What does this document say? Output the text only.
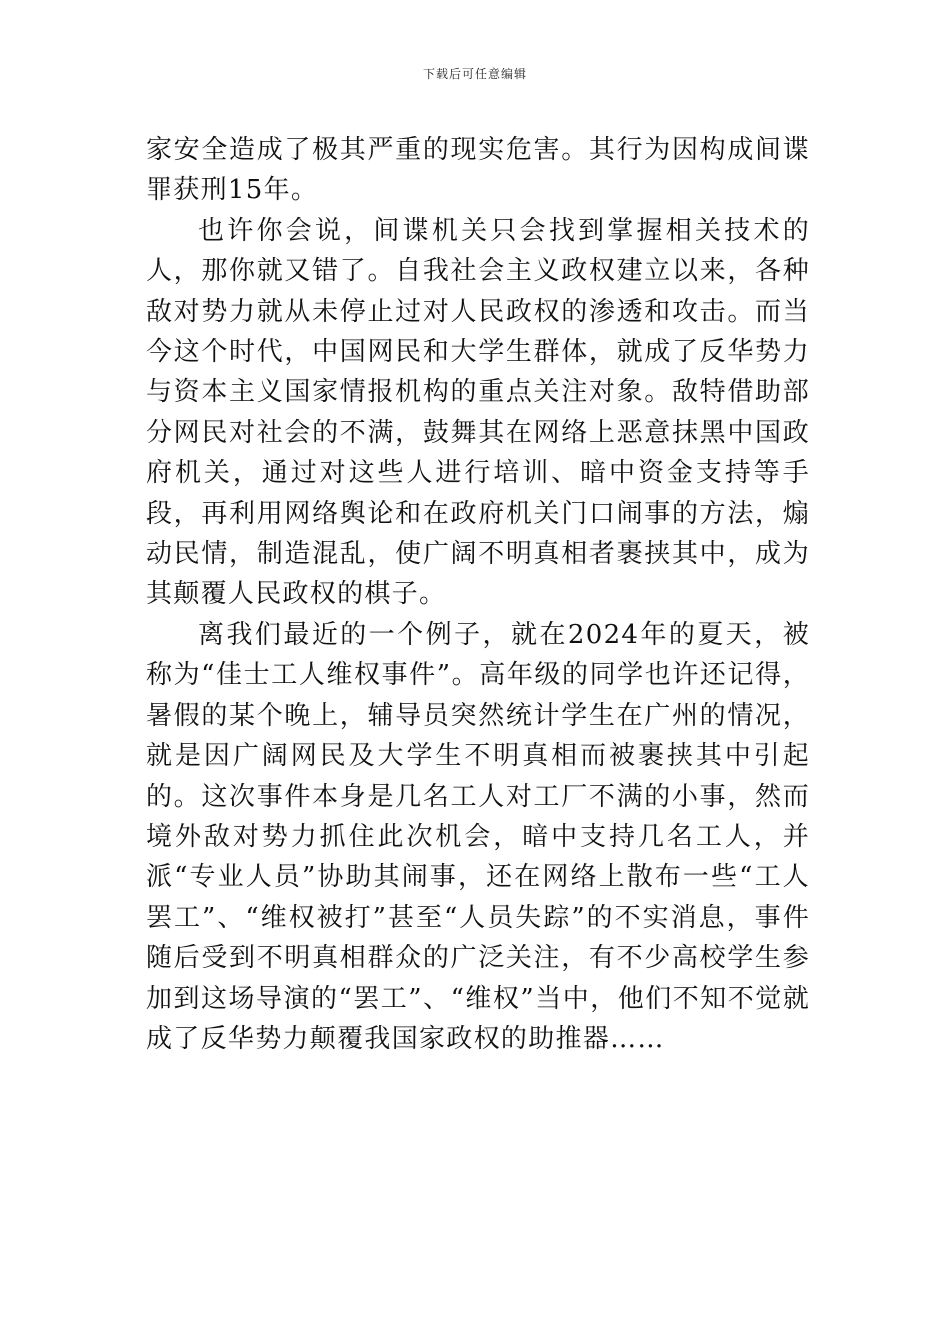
下载后可任意编辑

家安全造成了极其严重的现实危害。其行为因构成间谍罪获刑15年。

也许你会说，间谍机关只会找到掌握相关技术的人，那你就又错了。自我社会主义政权建立以来，各种敌对势力就从未停止过对人民政权的渗透和攻击。而当今这个时代，中国网民和大学生群体，就成了反华势力与资本主义国家情报机构的重点关注对象。敌特借助部分网民对社会的不满，鼓舞其在网络上恶意抹黑中国政府机关，通过对这些人进行培训、暗中资金支持等手段，再利用网络舆论和在政府机关门口闹事的方法，煽动民情，制造混乱，使广阔不明真相者裹挟其中，成为其颠覆人民政权的棋子。

离我们最近的一个例子，就在2024年的夏天，被称为“佳士工人维权事件”。高年级的同学也许还记得，暑假的某个晚上，辅导员突然统计学生在广州的情况，就是因广阔网民及大学生不明真相而被裹挟其中引起的。这次事件本身是几名工人对工厂不满的小事，然而境外敌对势力抓住此次机会，暗中支持几名工人，并派“专业人员”协助其闹事，还在网络上散布一些“工人罢工”、“维权被打”甚至“人员失踪”的不实消息，事件随后受到不明真相群众的广泛关注，有不少高校学生参加到这场导演的“罢工”、“维权”当中，他们不知不觉就成了反华势力颠覆我国家政权的助推器……
